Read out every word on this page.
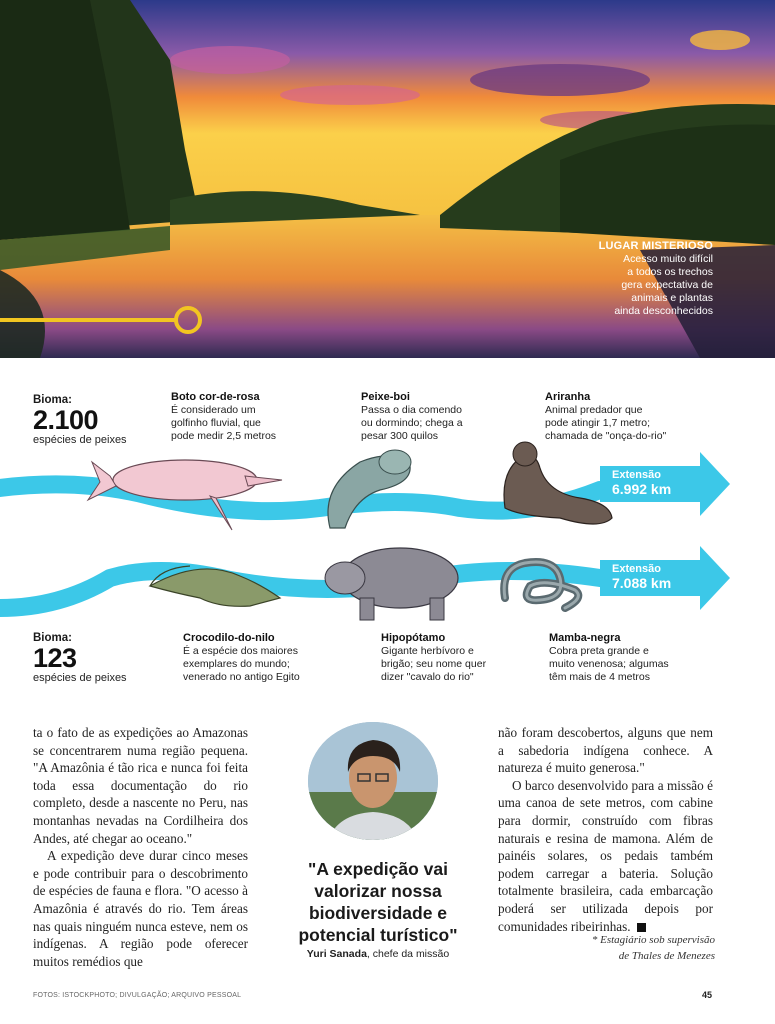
LUGAR MISTERIOSO
Acesso muito difícil
a todos os trechos
gera expectativa de
animais e plantas
ainda desconhecidos
Bioma:
2.100
espécies de peixes
Boto cor-de-rosa
É considerado um
golfinho fluvial, que
pode medir 2,5 metros
Peixe-boi
Passa o dia comendo
ou dormindo; chega a
pesar 300 quilos
Ariranha
Animal predador que
pode atingir 1,7 metro;
chamada de "onça-do-rio"
Extensão
6.992 km
Extensão
7.088 km
Bioma:
123
espécies de peixes
Crocodilo-do-nilo
É a espécie dos maiores
exemplares do mundo;
venerado no antigo Egito
Hipopótamo
Gigante herbívoro e
brigão; seu nome quer
dizer "cavalo do rio"
Mamba-negra
Cobra preta grande e
muito venenosa; algumas
têm mais de 4 metros

ta o fato de as expedições ao Amazonas se concentrarem numa região pequena. "A Amazônia é tão rica e nunca foi feita toda essa documentação do rio completo, desde a nascente no Peru, nas montanhas nevadas na Cordilheira dos Andes, até chegar ao oceano."

A expedição deve durar cinco meses e pode contribuir para o descobrimento de espécies de fauna e flora. "O acesso à Amazônia é através do rio. Tem áreas nas quais ninguém nunca esteve, nem os indígenas. A região pode oferecer muitos remédios que

"A expedição vai valorizar nossa biodiversidade e potencial turístico"
Yuri Sanada, chefe da missão

não foram descobertos, alguns que nem a sabedoria indígena conhece. A natureza é muito generosa."

O barco desenvolvido para a missão é uma canoa de sete metros, com cabine para dormir, construído com fibras naturais e resina de mamona. Além de painéis solares, os pedais também podem carregar a bateria. Solução totalmente brasileira, cada embarcação poderá ser utilizada depois por comunidades ribeirinhas.

* Estagiário sob supervisão
de Thales de Menezes
FOTOS: ISTOCKPHOTO; DIVULGAÇÃO; ARQUIVO PESSOAL	45
